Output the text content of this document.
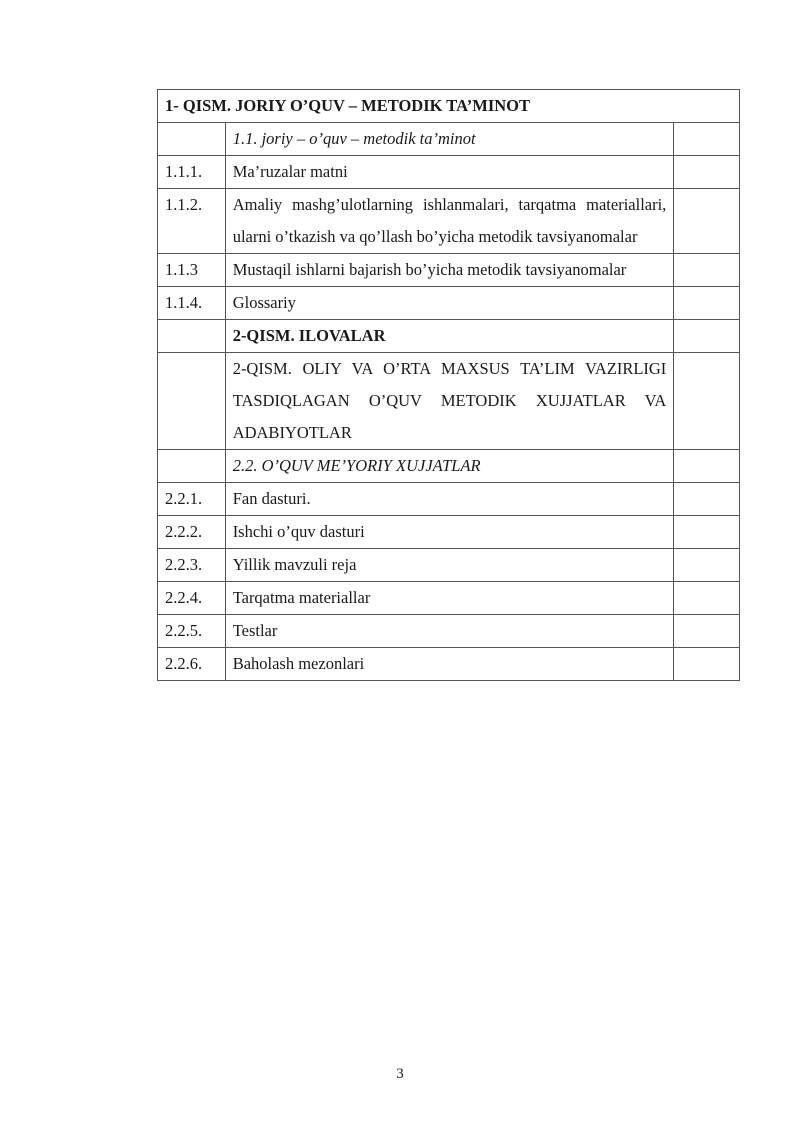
1- QISM. JORIY O’QUV – METODIK TA’MINOT		
	1.1. joriy – o’quv – metodik ta’minot	
1.1.1.	Ma’ruzalar matni	
1.1.2.	Amaliy mashg’ulotlarning ishlanmalari, tarqatma materiallari, ularni o’tkazish va qo’llash bo’yicha metodik tavsiyanomalar	
1.1.3	Mustaqil ishlarni bajarish bo’yicha metodik tavsiyanomalar	
1.1.4.	Glossariy	
	2-QISM. ILOVALAR	
	2-QISM. OLIY VA O’RTA MAXSUS TA’LIM VAZIRLIGI TASDIQLAGAN O’QUV METODIK XUJJATLAR VA ADABIYOTLAR	
	2.2. O’QUV ME’YORIY XUJJATLAR	
2.2.1.	Fan dasturi.	
2.2.2.	Ishchi o’quv dasturi	
2.2.3.	Yillik mavzuli reja	
2.2.4.	Tarqatma materiallar	
2.2.5.	Testlar	
2.2.6.	Baholash mezonlari	
3
